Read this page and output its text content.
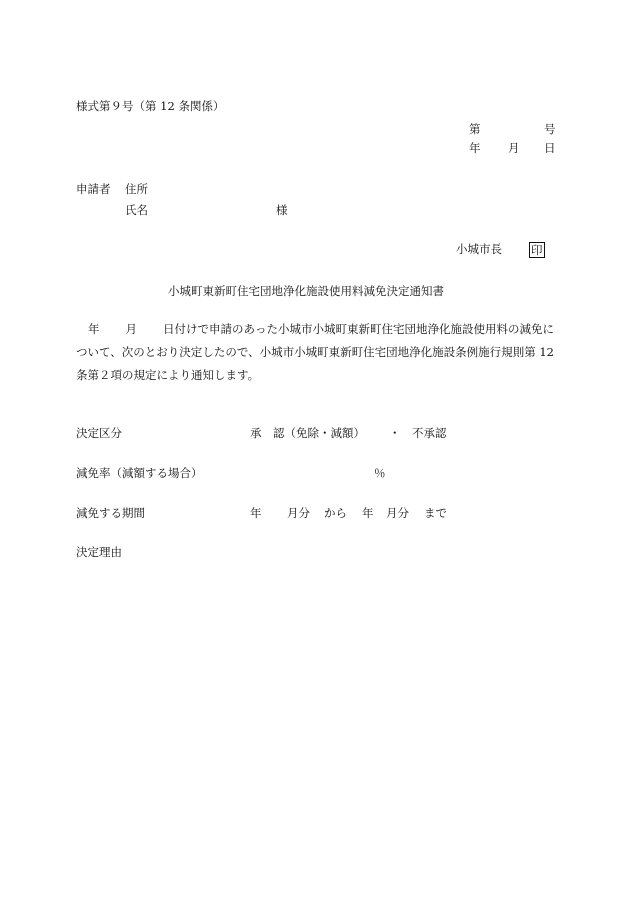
様式第９号（第 12 条関係）

第	号

年 月 日

申請者 住所

氏名	様

小城市長	印

小城町東新町住宅団地浄化施設使用料減免決定通知書

年 月 日付けで申請のあった小城市小城町東新町住宅団地浄化施設使用料の減免について、次のとおり決定したので、小城市小城町東新町住宅団地浄化施設条例施行規則第 12 条第２項の規定により通知します。

決定区分	承　認（免除・減額） ・ 不承認

減免率（減額する場合）	％

減免する期間	年 月分 から 年 月分 まで

決定理由
